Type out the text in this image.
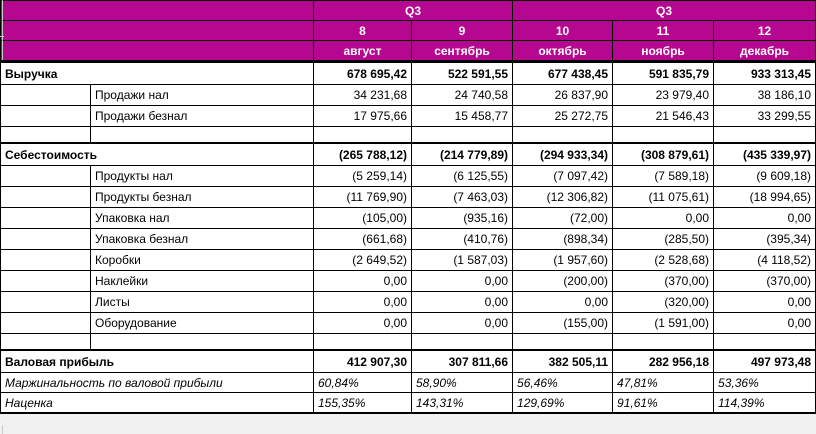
		Q3		Q3		
		8	9	10	11	12
		август	сентябрь	октябрь	ноябрь	декабрь
Выручка		678 695,42	522 591,55	677 438,45	591 835,79	933 313,45
	Продажи нал	34 231,68	24 740,58	26 837,90	23 979,40	38 186,10
	Продажи безнал	17 975,66	15 458,77	25 272,75	21 546,43	33 299,55

Себестоимость		(265 788,12)	(214 779,89)	(294 933,34)	(308 879,61)	(435 339,97)
	Продукты нал	(5 259,14)	(6 125,55)	(7 097,42)	(7 589,18)	(9 609,18)
	Продукты безнал	(11 769,90)	(7 463,03)	(12 306,82)	(11 075,61)	(18 994,65)
	Упаковка нал	(105,00)	(935,16)	(72,00)	0,00	0,00
	Упаковка безнал	(661,68)	(410,76)	(898,34)	(285,50)	(395,34)
	Коробки	(2 649,52)	(1 587,03)	(1 957,60)	(2 528,68)	(4 118,52)
	Наклейки	0,00	0,00	(200,00)	(370,00)	(370,00)
	Листы	0,00	0,00	0,00	(320,00)	0,00
	Оборудование	0,00	0,00	(155,00)	(1 591,00)	0,00

Валовая прибыль		412 907,30	307 811,66	382 505,11	282 956,18	497 973,48
Маржинальность по валовой прибыли		60,84%	58,90%	56,46%	47,81%	53,36%
Наценка		155,35%	143,31%	129,69%	91,61%	114,39%
